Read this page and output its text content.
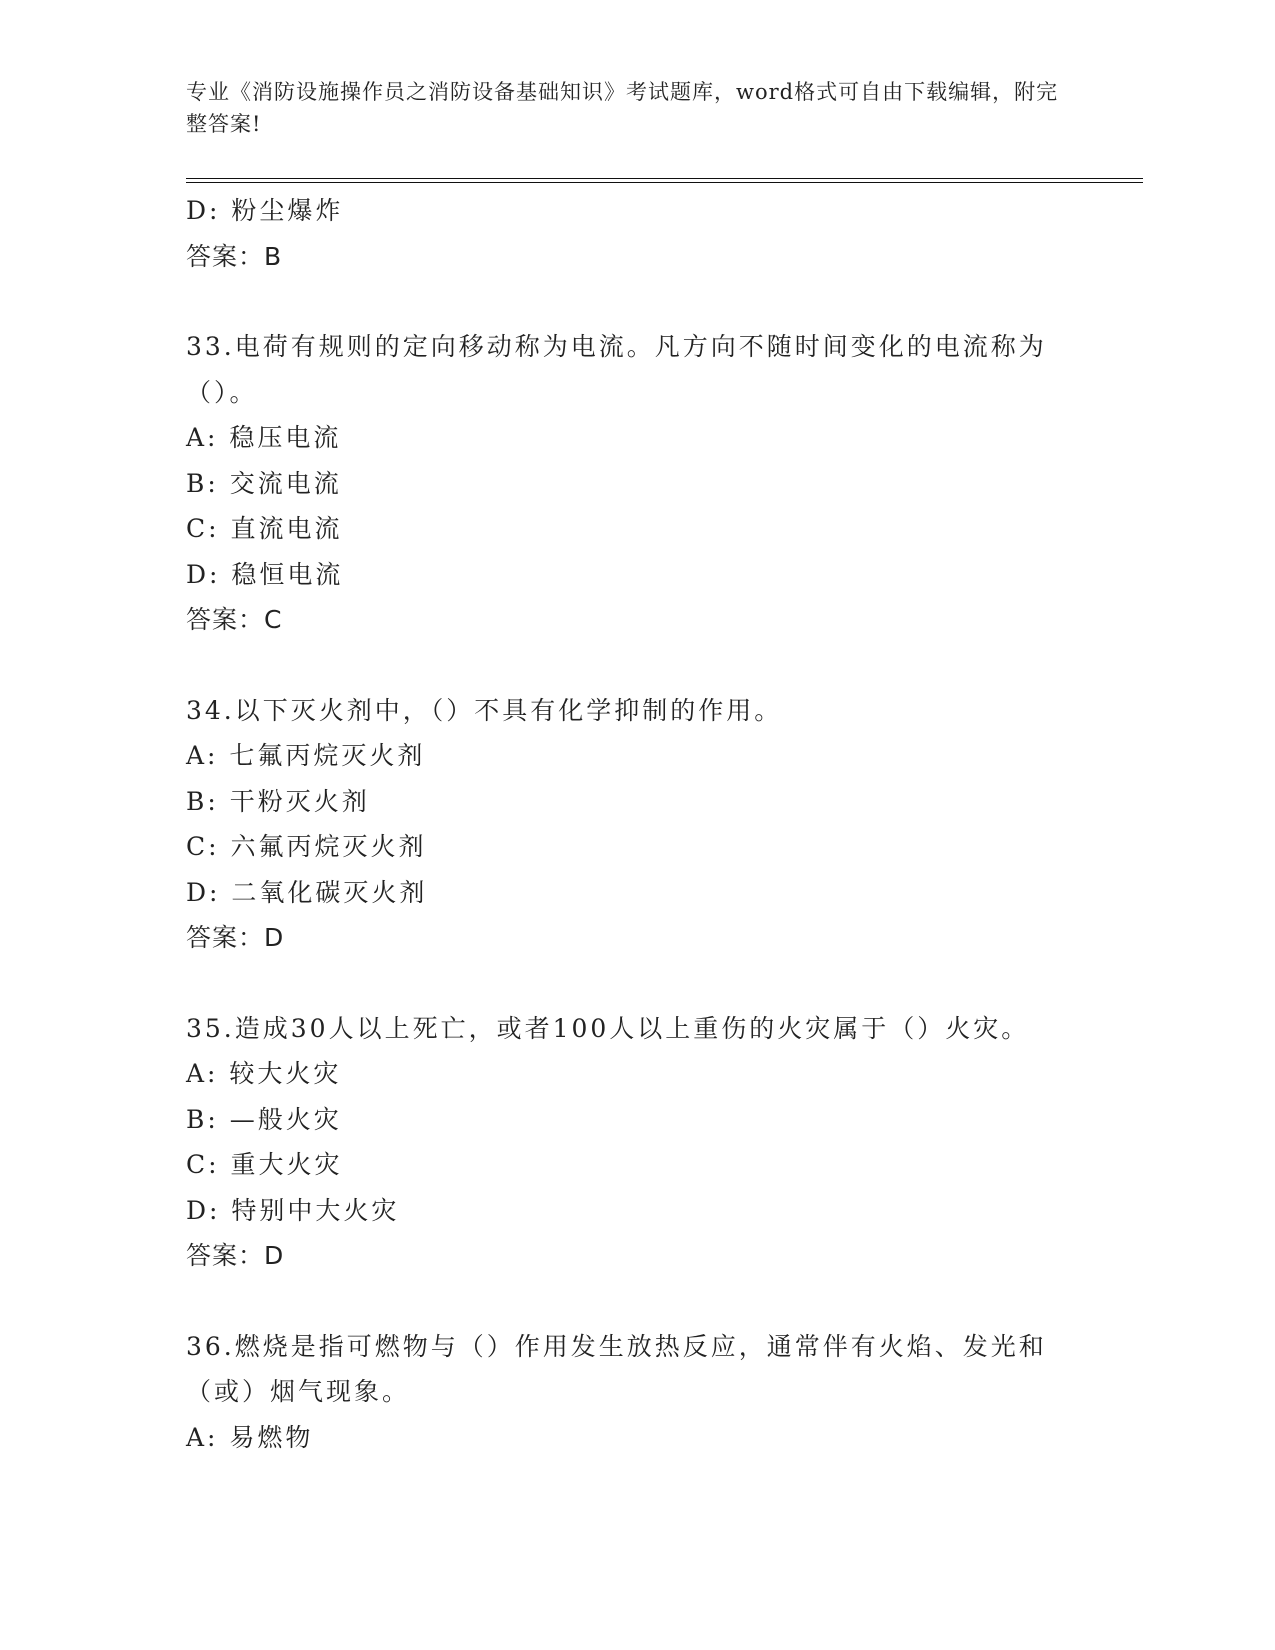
专业《消防设施操作员之消防设备基础知识》考试题库，word格式可自由下载编辑，附完整答案!
D: 粉尘爆炸
答案：B
33.电荷有规则的定向移动称为电流。凡方向不随时间变化的电流称为
（）。
A: 稳压电流
B: 交流电流
C: 直流电流
D: 稳恒电流
答案：C
34.以下灭火剂中，（）不具有化学抑制的作用。
A: 七氟丙烷灭火剂
B: 干粉灭火剂
C: 六氟丙烷灭火剂
D: 二氧化碳灭火剂
答案：D
35.造成30人以上死亡，或者100人以上重伤的火灾属于（）火灾。
A: 较大火灾
B: —般火灾
C: 重大火灾
D: 特别中大火灾
答案：D
36.燃烧是指可燃物与（）作用发生放热反应，通常伴有火焰、发光和
（或）烟气现象。
A: 易燃物
